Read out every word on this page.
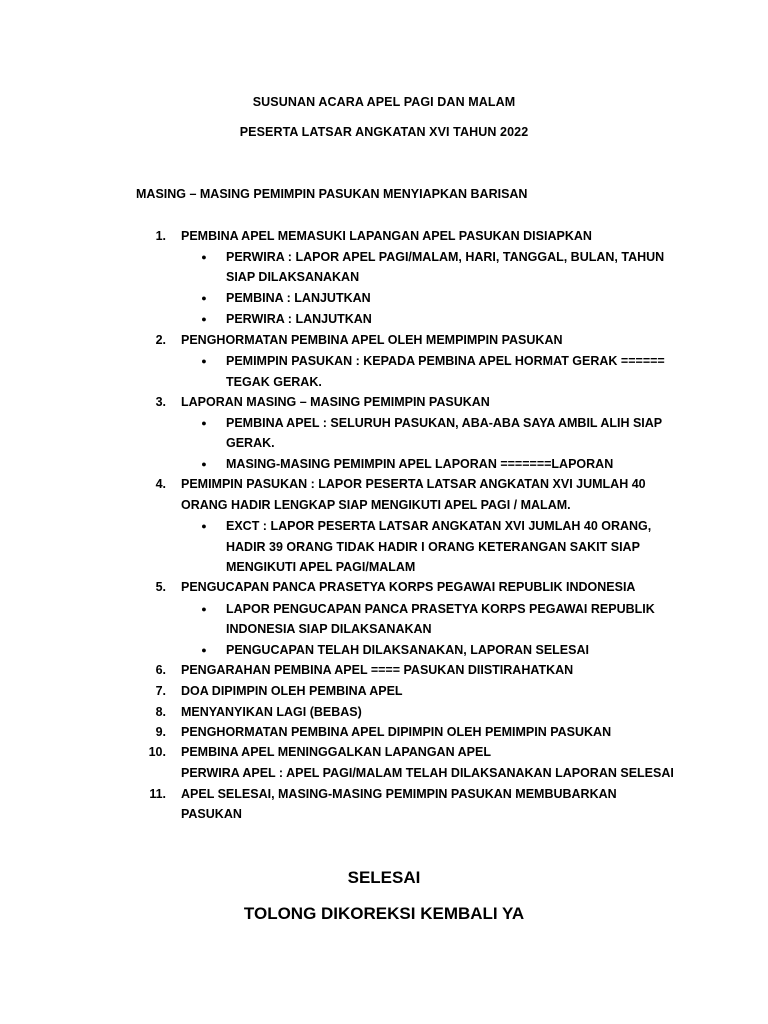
SUSUNAN ACARA APEL PAGI DAN MALAM
PESERTA LATSAR ANGKATAN XVI TAHUN 2022
MASING – MASING PEMIMPIN PASUKAN MENYIAPKAN BARISAN
1. PEMBINA APEL MEMASUKI LAPANGAN APEL PASUKAN DISIAPKAN
● PERWIRA : LAPOR APEL PAGI/MALAM, HARI, TANGGAL, BULAN, TAHUN
SIAP DILAKSANAKAN
● PEMBINA : LANJUTKAN
● PERWIRA : LANJUTKAN
2. PENGHORMATAN PEMBINA APEL OLEH MEMPIMPIN PASUKAN
● PEMIMPIN PASUKAN : KEPADA PEMBINA APEL HORMAT GERAK ======
TEGAK GERAK.
3. LAPORAN MASING – MASING PEMIMPIN PASUKAN
● PEMBINA APEL : SELURUH PASUKAN, ABA-ABA SAYA AMBIL ALIH SIAP
GERAK.
● MASING-MASING PEMIMPIN APEL LAPORAN =======LAPORAN
4. PEMIMPIN PASUKAN : LAPOR PESERTA LATSAR ANGKATAN XVI JUMLAH 40
ORANG HADIR LENGKAP SIAP MENGIKUTI APEL PAGI / MALAM.
● EXCT : LAPOR PESERTA LATSAR ANGKATAN XVI JUMLAH 40 ORANG,
HADIR 39 ORANG TIDAK HADIR I ORANG KETERANGAN SAKIT SIAP
MENGIKUTI APEL PAGI/MALAM
5. PENGUCAPAN PANCA PRASETYA KORPS PEGAWAI REPUBLIK INDONESIA
● LAPOR PENGUCAPAN PANCA PRASETYA KORPS PEGAWAI REPUBLIK
INDONESIA SIAP DILAKSANAKAN
● PENGUCAPAN TELAH DILAKSANAKAN, LAPORAN SELESAI
6. PENGARAHAN PEMBINA APEL ==== PASUKAN DIISTIRAHATKAN
7. DOA DIPIMPIN OLEH PEMBINA APEL
8. MENYANYIKAN LAGI (BEBAS)
9. PENGHORMATAN PEMBINA APEL DIPIMPIN OLEH PEMIMPIN PASUKAN
10. PEMBINA APEL MENINGGALKAN LAPANGAN APEL
PERWIRA APEL : APEL PAGI/MALAM TELAH DILAKSANAKAN LAPORAN SELESAI
11. APEL SELESAI, MASING-MASING PEMIMPIN PASUKAN MEMBUBARKAN
PASUKAN
SELESAI
TOLONG DIKOREKSI KEMBALI YA
